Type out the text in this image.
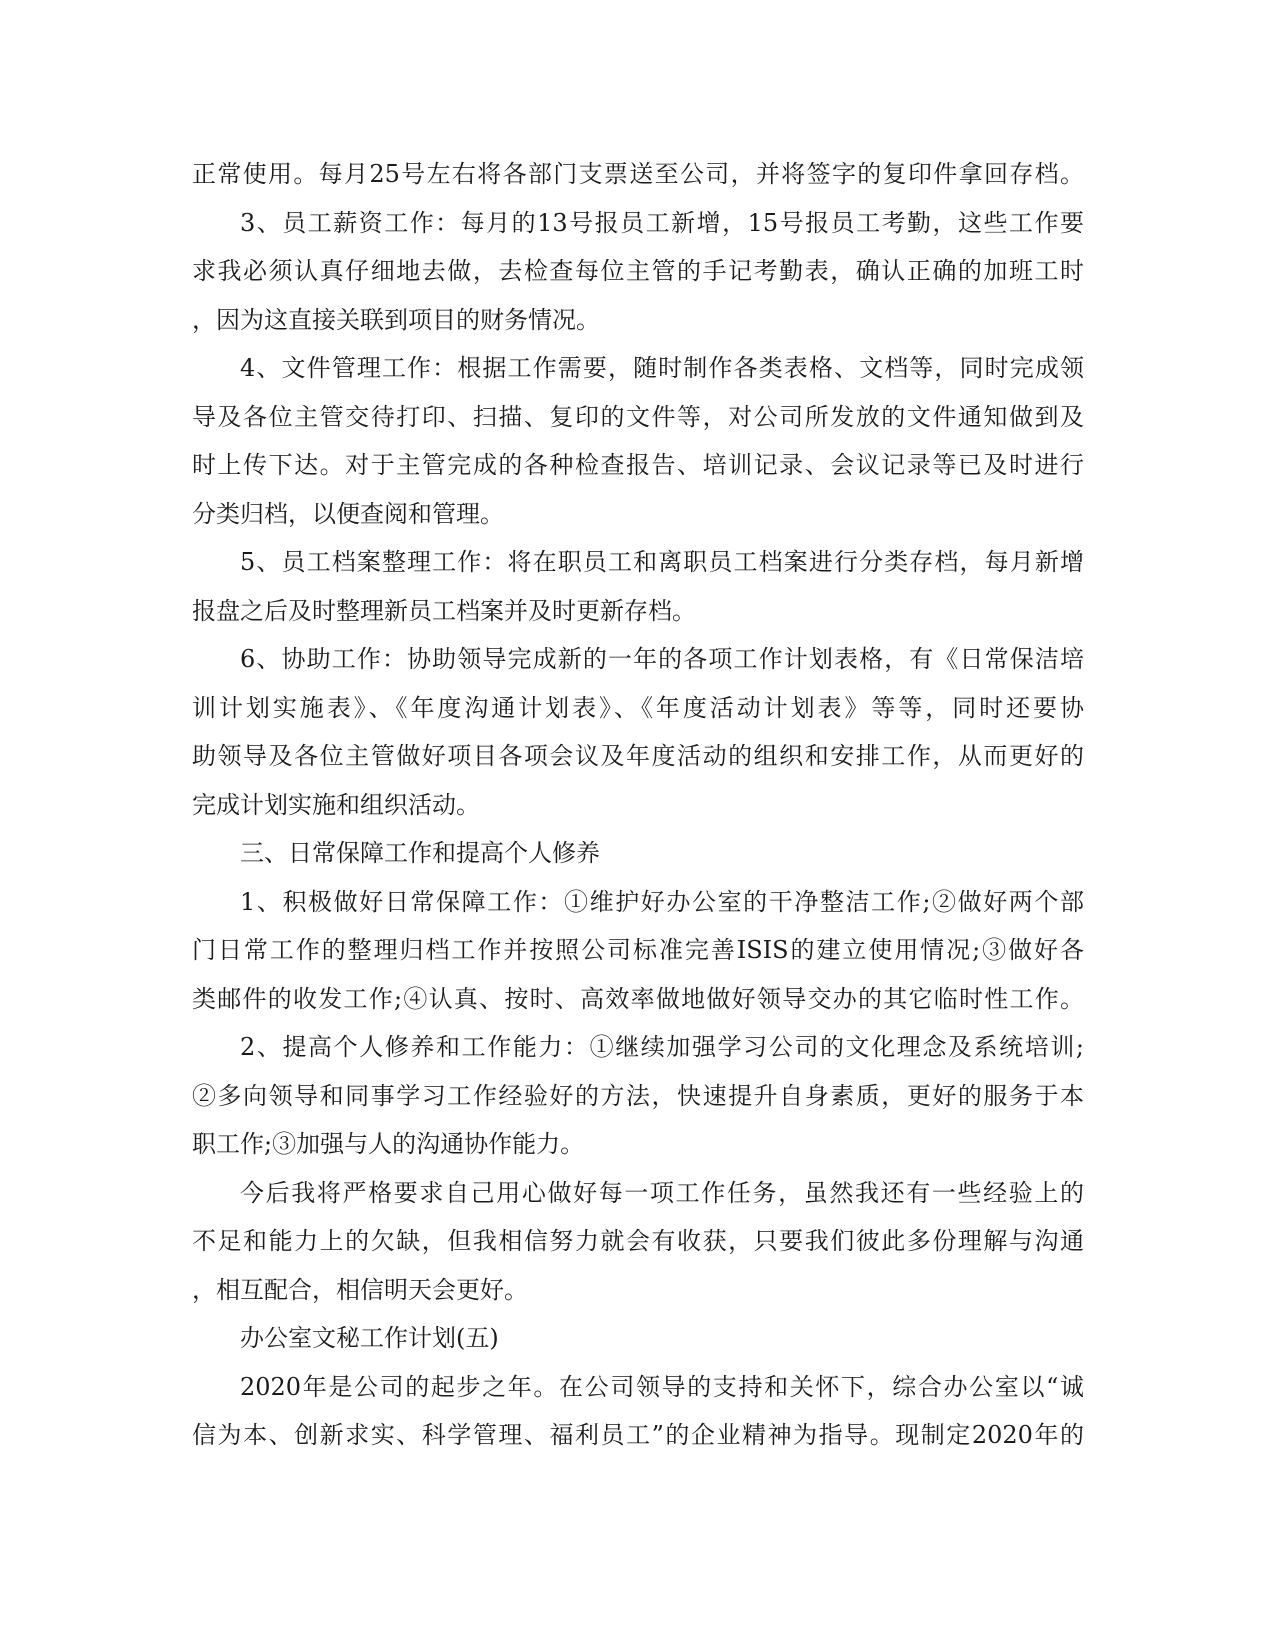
正常使用。每月25号左右将各部门支票送至公司，并将签字的复印件拿回存档。
3、员工薪资工作：每月的13号报员工新增，15号报员工考勤，这些工作要
求我必须认真仔细地去做，去检查每位主管的手记考勤表，确认正确的加班工时
，因为这直接关联到项目的财务情况。
4、文件管理工作：根据工作需要，随时制作各类表格、文档等，同时完成领
导及各位主管交待打印、扫描、复印的文件等，对公司所发放的文件通知做到及
时上传下达。对于主管完成的各种检查报告、培训记录、会议记录等已及时进行
分类归档，以便查阅和管理。
5、员工档案整理工作：将在职员工和离职员工档案进行分类存档，每月新增
报盘之后及时整理新员工档案并及时更新存档。
6、协助工作：协助领导完成新的一年的各项工作计划表格，有《日常保洁培
训计划实施表》、《年度沟通计划表》、《年度活动计划表》等等，同时还要协
助领导及各位主管做好项目各项会议及年度活动的组织和安排工作，从而更好的
完成计划实施和组织活动。
三、日常保障工作和提高个人修养
1、积极做好日常保障工作：①维护好办公室的干净整洁工作;②做好两个部
门日常工作的整理归档工作并按照公司标准完善ISIS的建立使用情况;③做好各
类邮件的收发工作;④认真、按时、高效率做地做好领导交办的其它临时性工作。
2、提高个人修养和工作能力：①继续加强学习公司的文化理念及系统培训;
②多向领导和同事学习工作经验好的方法，快速提升自身素质，更好的服务于本
职工作;③加强与人的沟通协作能力。
今后我将严格要求自己用心做好每一项工作任务，虽然我还有一些经验上的
不足和能力上的欠缺，但我相信努力就会有收获，只要我们彼此多份理解与沟通
，相互配合，相信明天会更好。
办公室文秘工作计划(五)
2020年是公司的起步之年。在公司领导的支持和关怀下，综合办公室以“诚
信为本、创新求实、科学管理、福利员工”的企业精神为指导。现制定2020年的
